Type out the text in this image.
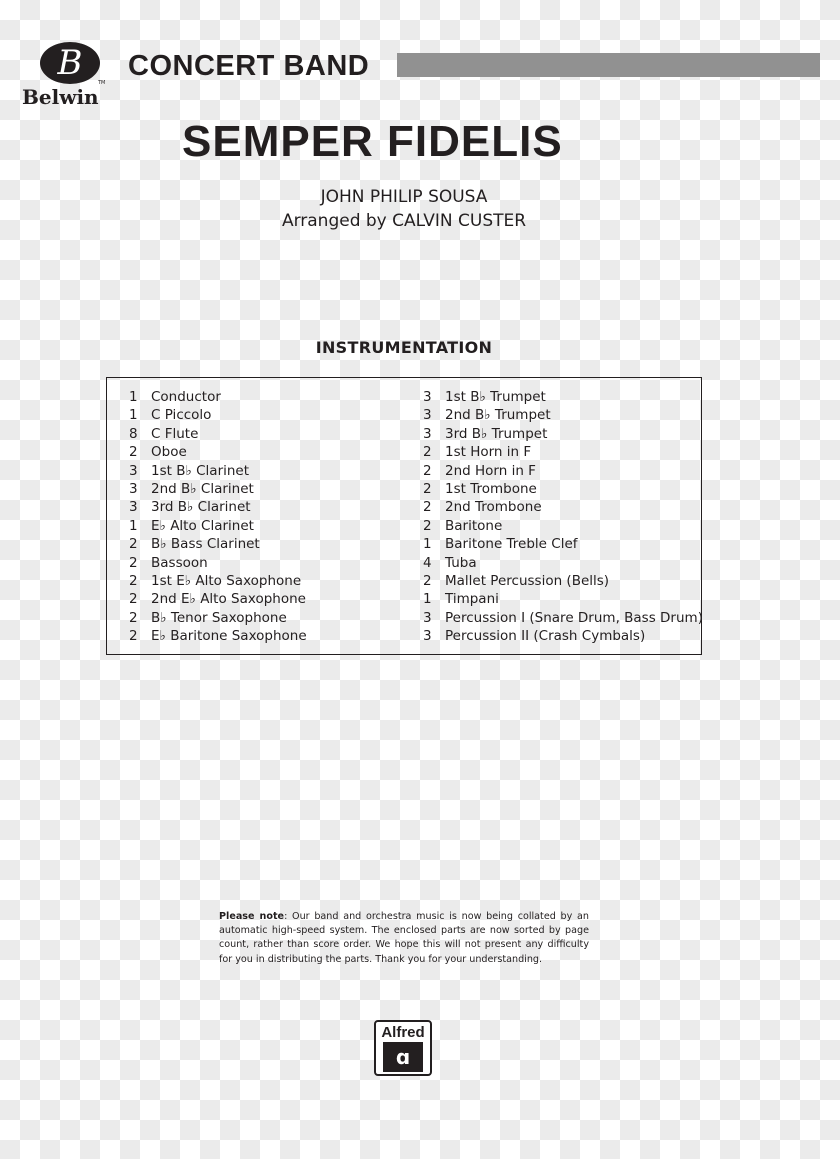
B	TM
Belwin
CONCERT BAND
SEMPER FIDELIS
JOHN PHILIP SOUSA
Arranged by CALVIN CUSTER
INSTRUMENTATION
1 Conductor
1 C Piccolo
8 C Flute
2 Oboe
3 1st B♭ Clarinet
3 2nd B♭ Clarinet
3 3rd B♭ Clarinet
1 E♭ Alto Clarinet
2 B♭ Bass Clarinet
2 Bassoon
2 1st E♭ Alto Saxophone
2 2nd E♭ Alto Saxophone
2 B♭ Tenor Saxophone
2 E♭ Baritone Saxophone
3 1st B♭ Trumpet
3 2nd B♭ Trumpet
3 3rd B♭ Trumpet
2 1st Horn in F
2 2nd Horn in F
2 1st Trombone
2 2nd Trombone
2 Baritone
1 Baritone Treble Clef
4 Tuba
2 Mallet Percussion (Bells)
1 Timpani
3 Percussion I (Snare Drum, Bass Drum)
3 Percussion II (Crash Cymbals)
Please note: Our band and orchestra music is now being collated by an automatic high-speed system. The enclosed parts are now sorted by page count, rather than score order. We hope this will not present any difficulty for you in distributing the parts. Thank you for your understanding.
Alfred
ɑ
